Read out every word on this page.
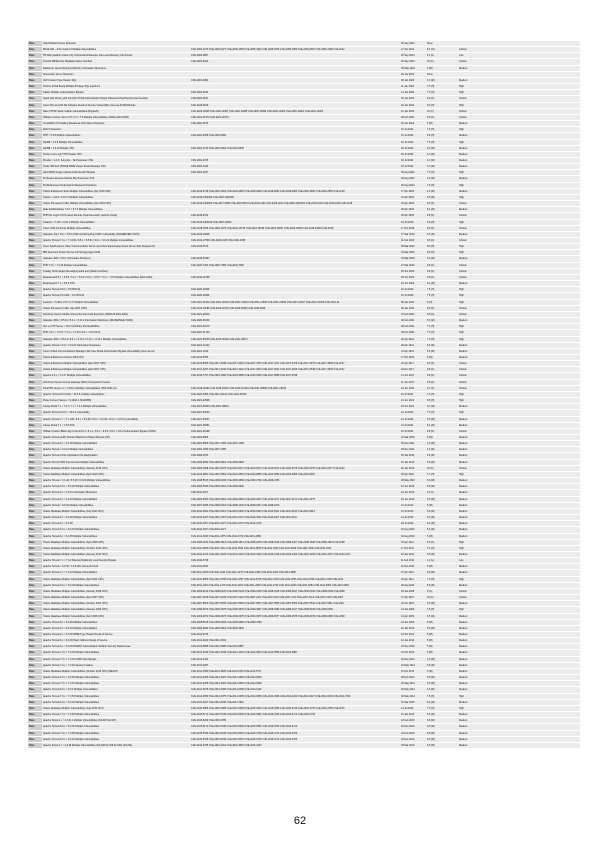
Pass	HelpOnBoard Server Detection		30 Sep 2024	None	
Pass	MS12-020 – A Pre Fault 14 Multiple Vulnerabilities	CVE-2004-1072 CVE-2003-0427 CVE-2006-4693 CVE-2005-4904 CVE-2005-4605 CVE-2005-4880 CVE-2004-0897 CVE-2005-4498 CVE-2012	17 Oct 2024	8.1 (Cr)	Critical
Pass	HP Web jetadmin carton.php Unbounded Parameter File-Local Directory File Access	CVE-2004-1887	30 Sep 2024	2.1 (L)	Low
Pass	Firebird DB/Remote Database Name Overflow	CVE-2004-2043	20 Sep 2024	10 (C)	Critical
Pass	Raidsonar Jasmin/Document/Library Information Disclosure		30 May 2024	5 (M)	Medium
Pass	Subversion Server Detection		06 Jan 2024	None	
Pass	AVP Content Type Header SQL	CVE-2004-0084	06 Jan 2024	4.3 (M)	Medium
Pass	Horizon Portal Board Multiple Privilege SQL Injections		11 Jan 2024	7.5 (H)	High
Pass	Gallery Multiple Authentication Bypass	CVE-2004-0632	14 Jan 2024	7.5 (H)	High
Pass	Squid with icheck_with Function NTLM Authentication Helper Password Handling Remote Overflow	CVE-2004-0541	30 Jan 2024	9.8 (C)	Critical
Pass	Cisco IOS and IOS XE Software Denial of Service Vulnerability cisco-sa-20180328-ikde	CVE-2018-0159	30 Jan 2024	8.6 (H)	High
Pass	Nass TCP/IP stack multiple vulnerabilities (Ripple20)	CVE-2020-11896 CVE-2020-11897 CVE-2020-11898 CVE-2020-11899 CVE-2020-11900 CVE-2020-11901 CVE-2020-11902	21 Jan 2024	10 (C)	Critical
Pass	VMware vCenter Server 6.5 / 6.7 / 7.0 Multiple Vulnerabilities (VMSA-2021-0002)	CVE-2021-21972 CVE-2021-21973	28 Feb 2021	9.8 (C)	Critical
Pass	UnrealIRCd IP Cloaking Weakness Information Disclosure	CVE-2004-0679	06 Jan 2024	5 (M)	Medium
Pass	DistCC Detection		07 Jul 2024	7.5 (H)	High
Pass	PHP < 5.3.8 Multiple Vulnerabilities	CVE-2004-0958 CVE-2004-0959	01 Jul 2024	6.8 (H)	Medium
Pass	phpBB < 2.0.8 Multiple Vulnerabilities		01 Jul 2024	7.5 (H)	High
Pass	phpBB < 2.0.10 Multiple XSS	CVE-2004-0730 CVE-2004-0594 CVE-2004-0595	30 Jul 2024	4.3 (M)	Medium
Pass	Netion recsrv-cgi HTTP Header XSS		06 Jul 2024	4.3 (M)	Medium
Pass	Moodle < 1.3.3 / help.php – file Parameter XSS	CVE-2004-0725	30 Jul 2024	4.3 (M)	Medium
Pass	Horde IMP and HORDE MIME Viewer Email Message XSS	CVE-2004-1443	03 Jul 2024	4.3 (M)	Medium
Pass	phpCOPAD Image Upload Authentication Bypass	CVE-2004-2037	30 Aug 2024	7.5 (H)	High
Pass	ProFeatex Reviews Module Bse Parameter XSS		02 Aug 2024	4.3 (M)	Medium
Pass	ProfileNeuronet Script Admin Password Disclosure		30 Aug 2024	7.5 (H)	High
Pass	Oracle E-Business Suite Multiple Vulnerabilities (Apr 2018 CPU)	CVE-2018-2739 CVE-2018-2831 CVE-2018-2866 CVE-2018-2869 CVE-2018-2863 CVE-2018-2864 CVE-2018-2850 CVE-2018-2853 CVE-2018	17 Apr 2018	4.3 (M)	Medium
Pass	Jetkins < 2.116 / 2.107.2 Multiple Vulnerabilities	CVE-2018-1000406 CVE-2018-1000000	19 Apr 2018	6.5 (M)	High
Pass	Oracle Primavera Unifier Multiple Vulnerabilities (Apr 2018 CPU)	CVE-2018-1000003 CVE-2017-9096 CVE-2016-5019 CVE-2016-1182 CVE-2016-1181 CVE-2018-1000001 CVE-2018-1000 CVE-2018-1000 CVE-2018	19 Apr 2018	9.8 (C)	Critical
Pass	Atlas DocBookSuite 7.0.0 < 8.7.3 Multiple Vulnerabilities		30 Apr 2018	6.1 (M)	Medium
Pass	PHP File Logon PLUS sitecs Remote Code Execution (authors check)	CVE-2018-9752	20 Apr 2018	9.8 (C)	Critical
Pass	Jetekins < 2.118 / 2.121.2 Multiple Vulnerabilities	CVE-2018-1000193 CVE-2018-10060	10 Jul 2018	6.8 (H)	High
Pass	Cisco UCM Intl Series Multiple Vulnerabilities	CVE-2018-1256 CVE-2018-1275 CVE-2018-12746 CVE-2018-10549 CVE-2018-10547 CVE-2018-10548 CVE-2018-10546 CVE-2018	17 Oct 2018	9.8 (C)	Critical
Pass	Atlassian Jira 7.13.x < 8.5.0 JVM monitoring Bug CSRF Vulnerability (JRASERVER-70275)	CVE-2019-15005	17 Mar 2020	6.5 (M)	Medium
Pass	Apache Tomcat 7.0.x < 7.0.109 / 8.5.x < 8.5.61 / 9.0.x < 9.0.41 Multiple Vulnerabilities	CVE-2019-17569 CVE-2020-1935 CVE-2020-1938	11 Feb 2020	9.8 (C)	Critical
Pass	Cisco TelePresence Video Communication Server and Cisco Expressway Series Server-Side Request For	CVE-2019-1672	08 Mar 2020	8.6 (H)	High
Pass	IBM Spectrum Protect Server and Storage Agent RCE		19 Mar 2020	8.8 (H)	High
Pass	Atlassian JIRA < 8.8.1 Information Disclosure	CVE-2018-20467	23 Mar 2020	5.3 (M)	Medium
Pass	PHP 7.3.x < 7.3.16 Multiple Vulnerabilities	CVE-2020-7064 CVE-2020-7065 CVE-2020-7066	27 Mar 2020	9.8 (C)	Critical
Pass	Trading Technologies Messaging stack-post (Stack Overflow)		03 Jun 2020	9.8 (C)	Critical
Pass	Elasticsearch 5.x < 6.8.5 / 6.2.x < 6.8.0 / 6.8.x < 6.8.6 / 7.0.x < 7.8.0 Multiple Vulnerabilities (ESA-2020)	CVE-2019-16785	05 Jun 2020	9.8 (C)	Critical
Pass	Elasticsearch 7.x < 6.8.6 XSS		22 Jun 2020	6.1 (M)	Medium
Pass	Apache Tomcat 8.5.0 < 8.5.58 DoS	CVE-2020-11996	02 Jul 2020	7.5 (H)	High
Pass	Apache Tomcat 9.0.0.M1 < 9.0.36 DoS	CVE-2020-11996	16 Jul 2020	7.5 (H)	High
Pass	Jetekins < 2.245.1 LTS / 2.7x Multiple Vulnerabilities	CVE-2021-21602 CVE-2021-21603 CVE-2021-21604 CVE-2021-21605 CVE-2021-21606 CVE-2021-21607 CVE-2021-21608 CVE-2021-21	05 Jan 2021	8 (H)	High
Pass	Oracle Primavera Unifier (Jan 2021 CPU)	CVE-2019-10086 CVE-2020-11979 CVE-2020-25649 CVE-2020-9546	30 Jan 2021	9.8 (C)	Critical
Pass	ZohoCorp Secure Mobile Access Remote Code Execution (SMA125-2021-0001)	CVE-2021-20016	03 Feb 2021	9.8 (C)	Critical
Pass	Atlassian JIRA < 8.5.10 / 8.6.x < 8.13.2 Information Disclosure (JRASERVER-72003)	CVE-2020-36239	04 Feb 2021	5.3 (M)	Medium
Pass	Zen Lu FTP Server < 15.2.0 Arbitrary File Read/Write	CVE-2021-20179	08 Feb 2021	7.1 (H)	High
Pass	PHP 7.3.x < 7.3.27 / 7.4.x < 7.4.15 / 8.0.x < 8.0.2 DoS	CVE-2021-21702	09 Feb 2021	7.5 (H)	High
Pass	Atlassian JIRA < 8.5.13 / 8.6.x < 8.13.5 / 8.14.x < 8.15.1 Multiple Vulnerabilities	CVE-2020-36238 CVE-2020-36239 CVE-2021-26071	02 Apr 2021	7.5 (H)	High
Pass	Apache Tomcat 7.0.0 < 7.0.107 Information Disclosure	CVE-2021-24122	06 Apr 2021	5.9 (M)	Medium
Pass	Cisco Unified Communications Manager Self Care Portal Authorization Bypass Vulnerability (cisco-sa-cuc	CVE-2021-1409	14 Apr 2021	6.5 (M)	Medium
Pass	Oracle E-Business October 2013 CPU	CVE-2013-5780	17 Oct 2013	5 (M)	Medium
Pass	Oracle E-Business Multiple Vulnerabilities (April 2017 CPU)	CVE-2016-8325 CVE-2017-3248 CVE-2017-3310 CVE-2017-3379 CVE-2017-3471 CVE-2017-3478 CVE-2017-3479 CVE-2017-3500 CVE-2017	18 Apr 2017	9.8 (C)	Critical
Pass	Oracle E-Business Multiple Vulnerabilities (April 2017 CPU)	CVE-2017-3237 CVE-2017-3340 CVE-2017-3422 CVE-2017-3513 CVE-2017-3524 CVE-2017-3526 CVE-2017-3548 CVE-2017-3549 CVE-2017	18 Apr 2017	9.8 (C)	Critical
Pass	Apache 2.4.x < 2.4.27 Multiple Vulnerabilities	CVE-2016-7797 CVE-2016-1286 CVE-2016-5386 CVE-2016-6420 CVE-2017-9888 CVE-2017-9798	13 Jun 2017	9.8 (C)	Critical
Pass	ZohoCorp Secure Access Gateway (SRA) Unsupported Version		11 Jun 2017	9.8 (C)	Critical
Pass	NordVPN Nexus 3.x < 3.18.0.2 Multiple Vulnerabilities (TRS-2021-11)	CVE-2018-16492 CVE-2018-16620 CVE-2018-16166 CVE-2021-29568 CVE-2021-29169	10 Jun 2021	9.7 (C)	Critical
Pass	Apache Tomcat 10.0.0-M1 < 10.0.5 multiple vulnerabilities	CVE-2020-9484 CVE-2021-25122 CVE-2021-25329	01 Jul 2021	7.5 (H)	High
Pass	Pulse Connect Secure < 9.1R11.4 (SA44858)	CVE-2021-22908	21 Jun 2021	8.8 (H)	High
Pass	Liferay Portal 7.x < 7.3.7 / 7.x < 7.4.0 Multiple Vulnerabilities	CVE-2021-29043 CVE-2021-29044	03 Jun 2021	6.1 (M)	Medium
Pass	Apache Tomcat 10.0.0 < 10.0.6 vulnerability	CVE-2021-33002	12 Jul 2021	7.5 (H)	High
Pass	Apache Tomcat 7.x < 7.x.109 / 8.5.x < 8.5.68 / 9.0.x < 9.0.48 / 10.0.x < 10.0.5 vulnerability	CVE-2021-33037	12 Jul 2021	5.3 (M)	Medium
Pass	Liferay Portal 7.x < 7.3.8 XSS	CVE-2021-35951	13 Jul 2021	6.1 (M)	Medium
Pass	VMware Carbon Black App Control 8.0.x / 8.1.x / 8.5.x < 8.5.8 / 8.6.x < 8.6.2 Authentication Bypass (VMSA	CVE-2021-21998	22 Jul 2021	9.8 (C)	Critical
Pass	Apache Tomcat (AJP) Protocol Malformed Packet Remote DoS	CVE-2003-0866	10 Mar 2003	5 (M)	Medium
Pass	Apache Tomcat 6.x < 6.1.38 Multiple Vulnerabilities	CVE-2003-0866 CVE-2007-1355 CVE-2007-1358	05 Nov 2011	4.3 (M)	Medium
Pass	Apache Tomcat < 6.0.13 Multiple Vulnerabilities	CVE-2002-1080 CVE-2007-1355	18 Nov 2011	4.3 (M)	Medium
Pass	Apache Tomcat Cross-Application File Manipulation	CVE-2009-0783	05 Jan 2010	4.6 (M)	Medium
Pass	Apache Tomcat SSO Improvement Multiple Vulnerabilities	CVE-2009-2693 CVE-2009-2901 CVE-2009-2902	01 Jan 2010	5.8 (M)	Medium
Pass	Oracle Database Multiple Vulnerabilities (January 2010 CPU)	CVE-2009-1998 CVE-2010-0070 CVE-2010-0071 CVE-2010-0072 CVE-2010-0074 CVE-2010-0075 CVE-2010-0076 CVE-2010-0077 CVE-2010	20 Jan 2010	10 (C)	Critical
Pass	Oracle Database Multiple Vulnerabilities (April 2010 CPU)	CVE-2010-0851 CVE-2010-0852 CVE-2010-0854 CVE-2010-0855 CVE-2010-0860 CVE-2010-0866 CVE-2010-0867	30 Apr 2010	7.1 (H)	High
Pass	Apache Tomcat < 4.1.40 / 5.5.28 / 6.0.20 Multiple Vulnerabilities	CVE-2008-5515 CVE-2009-0033 CVE-2009-0580 CVE-2009-0781 CVE-2009-0783	09 May 2010	5.0 (M)	Medium
Pass	Apache Tomcat 5.5.x < 5.5.29 Multiple Vulnerabilities	CVE-2009-2693 CVE-2009-2901 CVE-2009-2902	10 Jun 2010	5.8 (M)	Medium
Pass	Apache Tomcat 6.x < 6.0.21 Information Disclosure	CVE-2010-1157	10 Jun 2010	2.6 (L)	Medium
Pass	Apache Tomcat 6.x < 6.0.24 Multiple Vulnerabilities	CVE-2009-2693 CVE-2009-2901 CVE-2009-2902 CVE-2010-2227 CVE-2010-1157 CVE-2010-4172 CVE-2010-4475	16 Jun 2010	5.8 (M)	Medium
Pass	Apache Tomcat < 5.5.30 Multiple Vulnerabilities	CVE-2007-6286 CVE-2008-0002 CVE-2008-1232 CVE-2008-1947 CVE-2008-2370	01 Jul 2010	5 (M)	Medium
Pass	Oracle Database Multiple Vulnerabilities (July 2010 CPU)	CVE-2010-0900 CVE-2010-0901 CVE-2010-0902 CVE-2010-0903 CVE-2010-0911 CVE-2010-0912 CVE-2010-0913	13 Jul 2010	6.5 (M)	Medium
Pass	Apache Tomcat 6.x < 6.0.29 Multiple Vulnerabilities	CVE-2010-2227 CVE-2010-1157 CVE-2010-4172 CVE-2010-4312 CVE-2010-2227 CVE-2010-0011	14 Jul 2010	6.4 (M)	Medium
Pass	Apache Tomcat 6.x < 6.0.30	CVE-2010-1157 CVE-2010-2227 CVE-2010-4172 CVE-2010-4178	18 Jul 2010	6.4 (M)	Medium
Pass	Apache Tomcat 6.0.x < 6.0.32 Multiple Vulnerabilities	CVE-2010-1157 CVE-2010-2227	02 Aug 2010	6.4 (M)	Medium
Pass	Apache Tomcat 6.x < 6.0.35 Multiple Vulnerabilities	CVE-2011-3190 CVE-2011-3375 CVE-2011-3376 CVE-2011-4858	30 Aug 2010	5 (M)	Medium
Pass	Oracle Database Multiple Vulnerabilities (April 2008 CPU)	CVE-2008-1812 CVE-2008-1813 CVE-2008-1814 CVE-2008-1815 CVE-2008-1816 CVE-2008-1817 CVE-2008-1818 CVE-2008-1819 CVE-2008	15 Apr 2011	9.3 (C)	High
Pass	Oracle Database Multiple Vulnerabilities (October 2011 CPU)	CVE-2011-3485 CVE-2011-3512 CVE-2011-3523 CVE-2011-3525 CVE-2011-3526 CVE-2011-3529 CVE-2011-3530 CVE-2011-3534	17 Oct 2011	7.1 (H)	High
Pass	Oracle Database Multiple Vulnerabilities (January 2011 CPU)	CVE-2010-4413 CVE-2010-4420 CVE-2010-4421 CVE-2010-4423 CVE-2010-4449 CVE-2010-4452 CVE-2010-4454 CVE-2010-4457 CVE-2010-4471	18 Jan 2011	6.5 (M)	Medium
Pass	Apache Tomcat 7.x < 7.0.2 DirectoryNotEmpty Local Security Bypass	CVE-2010-3718	11 Feb 2011	1.2 (L)	Low
Pass	Apache Tomcat < 6.0.32 / 7.0.8 NIO Connector DoS	CVE-2011-0534	10 Feb 2011	5 (M)	Medium
Pass	Apache Tomcat 7.x < 7.0.12 Multiple Vulnerabilities	CVE-2011-1183 CVE-2011-1184 CVE-2011-1475 CVE-2011-1582 CVE-2011-2204 CVE-2011-4858	07 Apr 2011	6.8 (M)	Medium
Pass	Oracle Database Multiple Vulnerabilities (April 2011 CPU)	CVE-2010-0850 CVE-2011-0785 CVE-2011-0787 CVE-2011-0792 CVE-2011-0793 CVE-2011-0795 CVE-2011-0798 CVE-2011-0799 CVE-2011	19 Apr 2011	7.5 (H)	High
Pass	Apache Tomcat 6.0.x < 6.0.33 Multiple Vulnerabilities	CVE-2011-1184 CVE-2011-1475 CVE-2011-2204 CVE-2011-2526 CVE-2011-2729 CVE-2011-3190 CVE-2011-5062 CVE-2011-5063 CVE-2011-5064	26 Aug 2011	5.8 (M)	Medium
Pass	Oracle Database Multiple Vulnerabilities (January 2008 CPU)	CVE-2008-0102 CVE-2008-0103 CVE-2008-0104 CVE-2008-0105 CVE-2008-0106 CVE-2008-0107 CVE-2008-0108 CVE-2008-0109 CVE-2008	15 Jan 2008	9 (C)	Critical
Pass	Oracle Database Multiple Vulnerabilities (April 2007 CPU)	CVE-2007-2108 CVE-2007-2109 CVE-2007-2110 CVE-2007-2111 CVE-2007-2112 CVE-2007-2113 CVE-2007-2114 CVE-2007-2115 CVE-2007	17 Apr 2007	10 (C)	Critical
Pass	Oracle Database Multiple Vulnerabilities (October 2007 CPU)	CVE-2007-5504 CVE-2007-5505 CVE-2007-5506 CVE-2007-5507 CVE-2007-5508 CVE-2007-5509 CVE-2007-5510 CVE-2007-5511 CVE-2007	16 Oct 2007	6.5 (M)	Medium
Pass	Oracle Database Multiple Vulnerabilities (January 2009 CPU)	CVE-2008-3974 CVE-2008-3978 CVE-2008-3979 CVE-2008-3997 CVE-2008-3999 CVE-2008-4017 CVE-2008-5439 CVE-2009-0000	13 Jan 2009	7.5 (H)	High
Pass	Oracle Database Multiple Vulnerabilities (April 2009 CPU)	CVE-2009-0972 CVE-2009-0973 CVE-2009-0975 CVE-2009-0976 CVE-2009-0977 CVE-2009-0978 CVE-2009-0979 CVE-2009-0980 CVE-2009	14 Apr 2009	6.5 (M)	Medium
Pass	Apache Tomcat 6.x < 6.0.20 Multiple Vulnerabilities	CVE-2008-5515 CVE-2009-0033 CVE-2009-0580 CVE-2009-0783	04 Jun 2009	5 (M)	Medium
Pass	Apache Tomcat 6.x < 6.0.24 Multiple Vulnerabilities	CVE-2009-2693 CVE-2009-2901 CVE-2009-2902	22 Jan 2010	5.8 (M)	Medium
Pass	Apache Tomcat 6.x < 6.0.36 MIME Type Header Denial of Service	CVE-2012-2733	12 Oct 2012	5 (M)	Medium
Pass	Apache Tomcat 6.x < 6.0.36 Hash Collision Denial of Service	CVE-2012-0022 CVE-2012-4534	12 Jan 2012	5 (M)	Medium
Pass	Apache Tomcat 6.x < 6.0.36 DIGEST Authentication Multiple Security Weaknesses	CVE-2012-5885 CVE-2012-5886 CVE-2012-5887	21 Nov 2012	5 (M)	Medium
Pass	Apache Tomcat 7.0.x < 7.0.30 Multiple Vulnerabilities	CVE-2012-3439 CVE-2012-3546 CVE-2012-4431 CVE-2012-4534 CVE-2012-5568 CVE-2012-5887	10 Oct 2012	5 (M)	Medium
Pass	Apache Tomcat 7.0.x < 7.0.33 CSRF Filter Bypass	CVE-2012-4431	10 Dec 2012	4.3 (M)	Medium
Pass	Apache Tomcat 7.0.x < 7.0.40 Session Fixation	CVE-2013-2067	10 May 2013	6.8 (M)	Medium
Pass	Oracle Database Multiple Vulnerabilities (October 2013 CPU) (BEAST)	CVE-2011-3389 CVE-2013-3826 CVE-2013-5764 CVE-2013-5771	16 Oct 2013	5 (M)	Medium
Pass	Apache Tomcat 6.0.x < 6.0.39 Multiple Vulnerabilities	CVE-2013-4286 CVE-2013-4322 CVE-2013-4590 CVE-2014-0033	25 Feb 2014	5.8 (M)	Medium
Pass	Apache Tomcat 7.0.x < 7.0.51 Multiple Vulnerabilities	CVE-2013-4286 CVE-2013-4322 CVE-2013-4590 CVE-2014-0008	20 May 2014	5.8 (M)	Medium
Pass	Apache Tomcat 8.0.x < 8.0.4 Multiple Vulnerabilities	CVE-2014-0075 CVE-2014-0096 CVE-2014-0099 CVE-2014-0119	30 May 2014	4.3 (M)	Medium
Pass	Apache Tomcat 7.0.x < 7.0.53 Multiple Vulnerabilities	CVE-2014-0050 CVE-2014-0075 CVE-2014-0095 CVE-2014-0096 CVE-2014-0099 CVE-2014-0119 CVE-2014-0227 CVE-2014-0230 CVE-2014-7810	30 May 2014	7.5 (H)	High
Pass	Apache Tomcat 6.0.x < 6.0.42 Multiple Vulnerabilities	CVE-2014-0227 CVE-2014-0230 CVE-2014-7810	01 Mar 2015	6.4 (M)	Medium
Pass	Oracle Database Multiple Vulnerabilities (July 2015 CPU)	CVE-2015-2585 CVE-2015-2586 CVE-2015-2599 CVE-2015-2629 CVE-2015-2655 CVE-2015-4740 CVE-2015-4753 CVE-2015-4755 CVE-2015	14 Jul 2015	7.5 (H)	High
Pass	Apache Tomcat 7.0.x < 7.0.65 Multiple Vulnerabilities	CVE-2015-5174 CVE-2015-5345 CVE-2015-5346 CVE-2015-5351 CVE-2016-0706 CVE-2016-0714 CVE-2016-0763	01 Jan 2016	6.5 (M)	Medium
Pass	Apache Struts 2.x < 2.3.24.1 Multiple Vulnerabilities (S2-026 S2-027)	CVE-2015-5209 CVE-2016-0785	12 Feb 2016	6.8 (M)	Medium
Pass	Apache Tomcat 8.0.x < 8.0.30 Multiple Vulnerabilities	CVE-2015-5174 CVE-2015-5345 CVE-2015-5346 CVE-2015-5351 CVE-2016-0706 CVE-2016-0714	24 Feb 2016	6.8 (M)	Medium
Pass	Apache Tomcat 7.0.x < 7.0.68 Multiple Vulnerabilities	CVE-2015-5345 CVE-2015-5346 CVE-2015-5351 CVE-2016-0706 CVE-2016-0714 CVE-2016-0763	24 Feb 2016	6.8 (M)	Medium
Pass	Apache Tomcat 8.0.x < 8.0.32 Multiple Vulnerabilities	CVE-2015-5345 CVE-2015-5346 CVE-2015-5351 CVE-2016-0706 CVE-2016-0714 CVE-2016-0763	25 Feb 2016	6.8 (M)	Medium
Pass	Apache Struts 2.x < 2.3.28 Multiple Vulnerabilities (S2-028 S2-029 S2-030) (S2-031)	CVE-2016-0785 CVE-2016-2162 CVE-2016-3081 CVE-2016-4003	18 Mar 2016	6.8 (M)	Medium
62
